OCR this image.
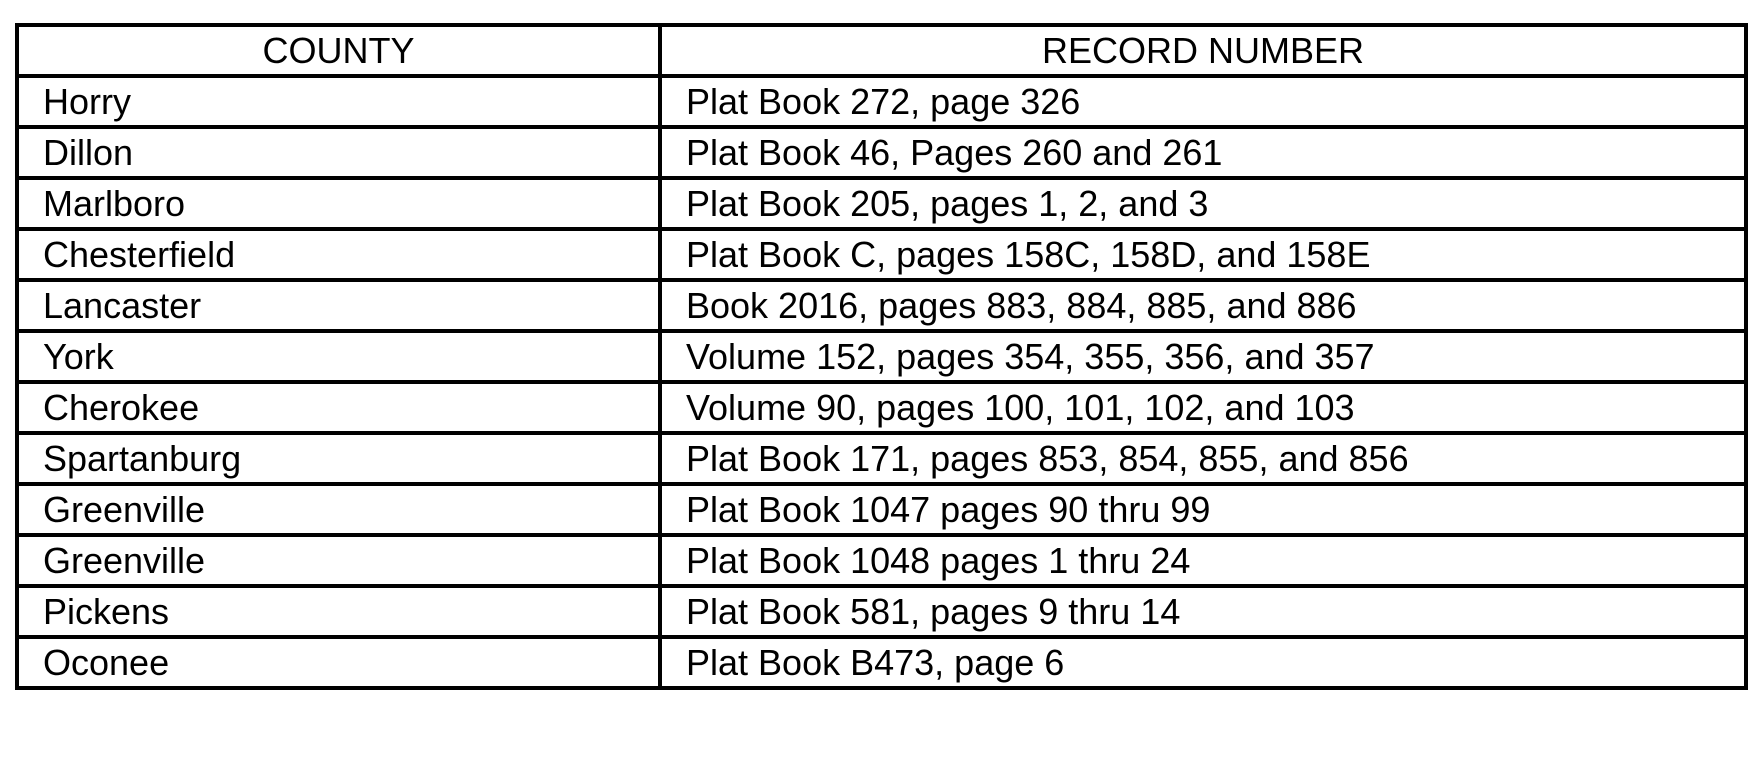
COUNTY	RECORD NUMBER
Horry	Plat Book 272, page 326
Dillon	Plat Book 46, Pages 260 and 261
Marlboro	Plat Book 205, pages 1, 2, and 3
Chesterfield	Plat Book C, pages 158C, 158D, and 158E
Lancaster	Book 2016, pages 883, 884, 885, and 886
York	Volume 152, pages 354, 355, 356, and 357
Cherokee	Volume 90, pages 100, 101, 102, and 103
Spartanburg	Plat Book 171, pages 853, 854, 855, and 856
Greenville	Plat Book 1047 pages 90 thru 99
Greenville	Plat Book 1048 pages 1 thru 24
Pickens	Plat Book 581, pages 9 thru 14
Oconee	Plat Book B473, page 6
